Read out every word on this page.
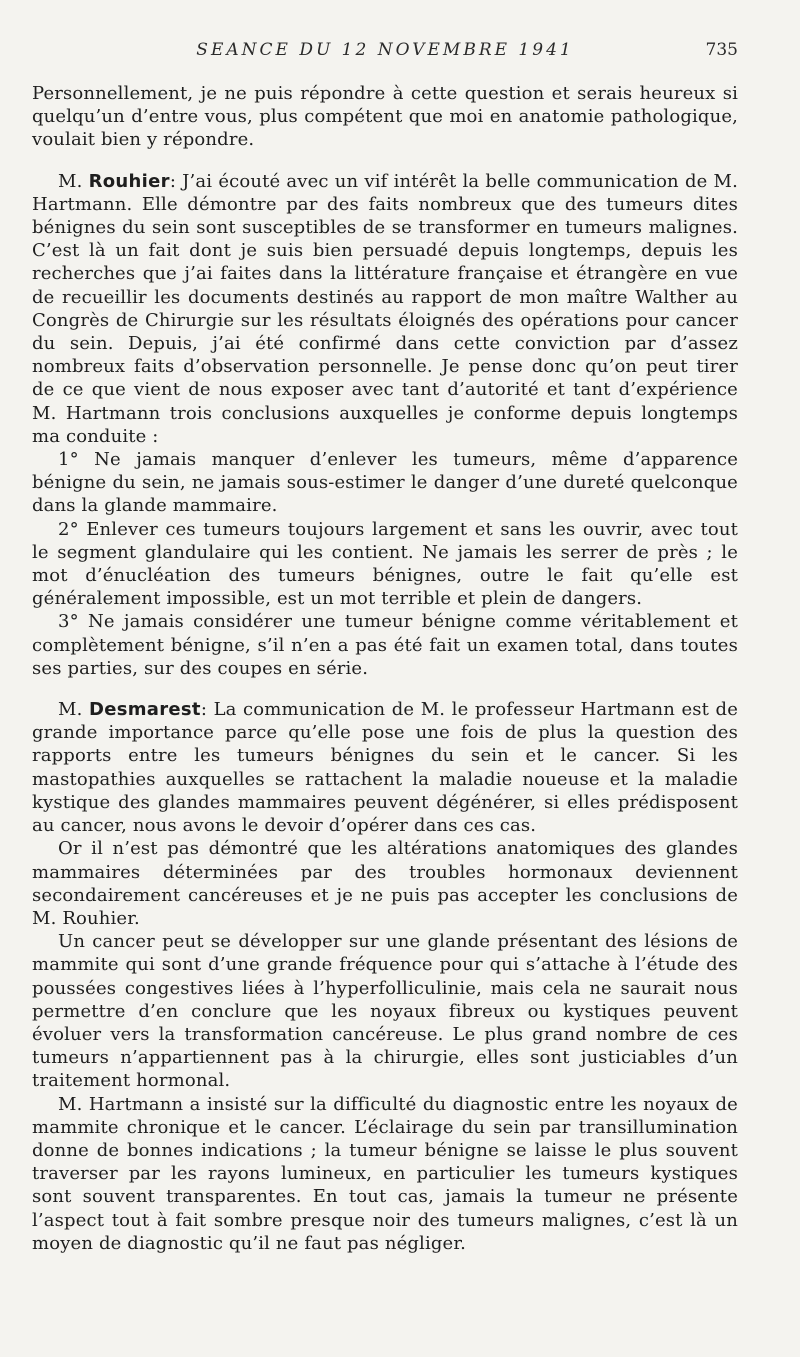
SEANCE DU 12 NOVEMBRE 1941	735

Personnellement, je ne puis répondre à cette question et serais heureux si quelqu’un d’entre vous, plus compétent que moi en anatomie pathologique, voulait bien y répondre.

M. Rouhier: J’ai écouté avec un vif intérêt la belle communication de M. Hartmann. Elle démontre par des faits nombreux que des tumeurs dites bénignes du sein sont susceptibles de se transformer en tumeurs malignes. C’est là un fait dont je suis bien persuadé depuis longtemps, depuis les recherches que j’ai faites dans la littérature française et étrangère en vue de recueillir les documents destinés au rapport de mon maître Walther au Congrès de Chirurgie sur les résultats éloignés des opérations pour cancer du sein. Depuis, j’ai été confirmé dans cette conviction par d’assez nombreux faits d’observation personnelle. Je pense donc qu’on peut tirer de ce que vient de nous exposer avec tant d’autorité et tant d’expérience M. Hartmann trois conclusions auxquelles je conforme depuis longtemps ma conduite :

1° Ne jamais manquer d’enlever les tumeurs, même d’apparence bénigne du sein, ne jamais sous-estimer le danger d’une dureté quelconque dans la glande mammaire.

2° Enlever ces tumeurs toujours largement et sans les ouvrir, avec tout le segment glandulaire qui les contient. Ne jamais les serrer de près ; le mot d’énucléation des tumeurs bénignes, outre le fait qu’elle est généralement impossible, est un mot terrible et plein de dangers.

3° Ne jamais considérer une tumeur bénigne comme véritablement et complètement bénigne, s’il n’en a pas été fait un examen total, dans toutes ses parties, sur des coupes en série.

M. Desmarest: La communication de M. le professeur Hartmann est de grande importance parce qu’elle pose une fois de plus la question des rapports entre les tumeurs bénignes du sein et le cancer. Si les mastopathies auxquelles se rattachent la maladie noueuse et la maladie kystique des glandes mammaires peuvent dégénérer, si elles prédisposent au cancer, nous avons le devoir d’opérer dans ces cas.

Or il n’est pas démontré que les altérations anatomiques des glandes mammaires déterminées par des troubles hormonaux deviennent secondairement cancéreuses et je ne puis pas accepter les conclusions de M. Rouhier.

Un cancer peut se développer sur une glande présentant des lésions de mammite qui sont d’une grande fréquence pour qui s’attache à l’étude des poussées congestives liées à l’hyperfolliculinie, mais cela ne saurait nous permettre d’en conclure que les noyaux fibreux ou kystiques peuvent évoluer vers la transformation cancéreuse. Le plus grand nombre de ces tumeurs n’appartiennent pas à la chirurgie, elles sont justiciables d’un traitement hormonal.

M. Hartmann a insisté sur la difficulté du diagnostic entre les noyaux de mammite chronique et le cancer. L’éclairage du sein par transillumination donne de bonnes indications ; la tumeur bénigne se laisse le plus souvent traverser par les rayons lumineux, en particulier les tumeurs kystiques sont souvent transparentes. En tout cas, jamais la tumeur ne présente l’aspect tout à fait sombre presque noir des tumeurs malignes, c’est là un moyen de diagnostic qu’il ne faut pas négliger.
